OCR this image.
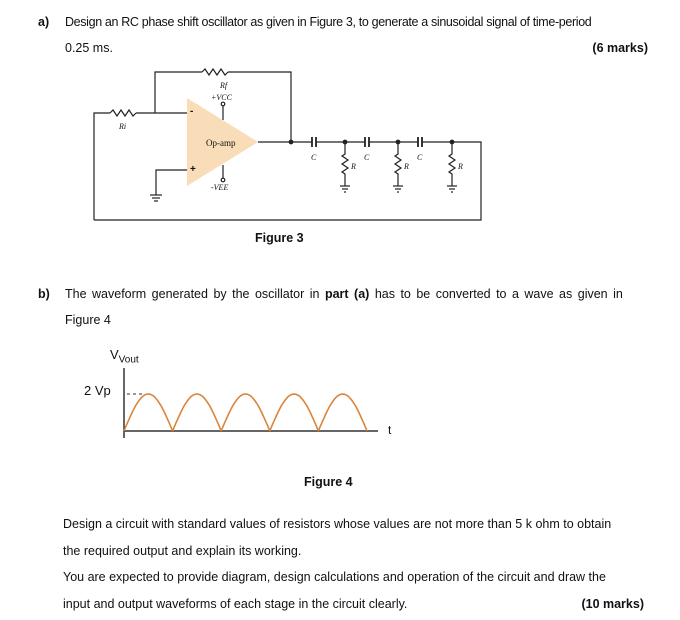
a) Design an RC phase shift oscillator as given in Figure 3, to generate a sinusoidal signal of time-period
0.25 ms.	(6 marks)
Rf
Ri
+VCC
-VEE
-
+
Op-amp
C	C	C
R	R	R
Figure 3
b) The waveform generated by the oscillator in part (a) has to be converted to a wave as given in
Figure 4
$V_{Vout}$
2 Vp
t
Figure 4
Design a circuit with standard values of resistors whose values are not more than 5 k ohm to obtain
the required output and explain its working.
You are expected to provide diagram, design calculations and operation of the circuit and draw the
input and output waveforms of each stage in the circuit clearly.	(10 marks)
